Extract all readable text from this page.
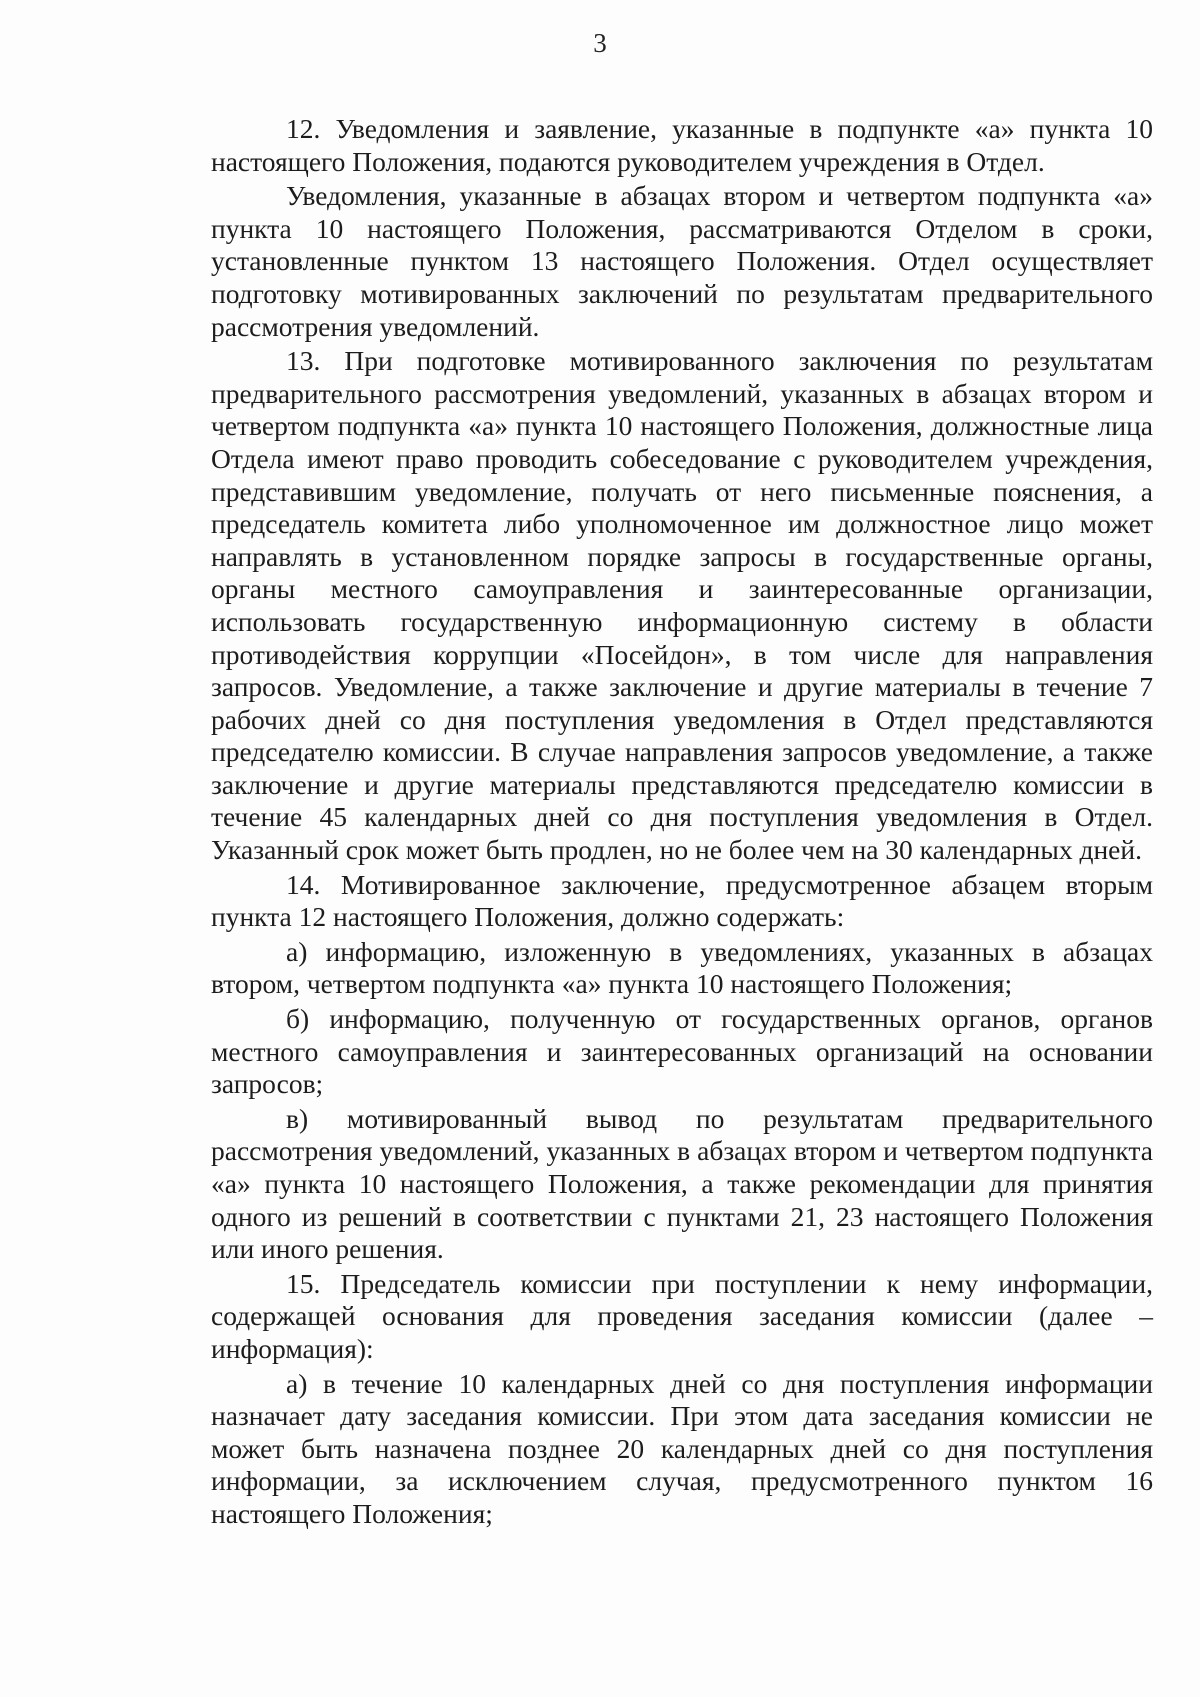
3

12. Уведомления и заявление, указанные в подпункте «а» пункта 10 настоящего Положения, подаются руководителем учреждения в Отдел.

Уведомления, указанные в абзацах втором и четвертом подпункта «а» пункта 10 настоящего Положения, рассматриваются Отделом в сроки, установленные пунктом 13 настоящего Положения. Отдел осуществляет подготовку мотивированных заключений по результатам предварительного рассмотрения уведомлений.

13. При подготовке мотивированного заключения по результатам предварительного рассмотрения уведомлений, указанных в абзацах втором и четвертом подпункта «а» пункта 10 настоящего Положения, должностные лица Отдела имеют право проводить собеседование с руководителем учреждения, представившим уведомление, получать от него письменные пояснения, а председатель комитета либо уполномоченное им должностное лицо может направлять в установленном порядке запросы в государственные органы, органы местного самоуправления и заинтересованные организации, использовать государственную информационную систему в области противодействия коррупции «Посейдон», в том числе для направления запросов. Уведомление, а также заключение и другие материалы в течение 7 рабочих дней со дня поступления уведомления в Отдел представляются председателю комиссии. В случае направления запросов уведомление, а также заключение и другие материалы представляются председателю комиссии в течение 45 календарных дней со дня поступления уведомления в Отдел. Указанный срок может быть продлен, но не более чем на 30 календарных дней.

14. Мотивированное заключение, предусмотренное абзацем вторым пункта 12 настоящего Положения, должно содержать:

а) информацию, изложенную в уведомлениях, указанных в абзацах втором, четвертом подпункта «а» пункта 10 настоящего Положения;

б) информацию, полученную от государственных органов, органов местного самоуправления и заинтересованных организаций на основании запросов;

в) мотивированный вывод по результатам предварительного рассмотрения уведомлений, указанных в абзацах втором и четвертом подпункта «а» пункта 10 настоящего Положения, а также рекомендации для принятия одного из решений в соответствии с пунктами 21, 23 настоящего Положения или иного решения.

15. Председатель комиссии при поступлении к нему информации, содержащей основания для проведения заседания комиссии (далее – информация):

а) в течение 10 календарных дней со дня поступления информации назначает дату заседания комиссии. При этом дата заседания комиссии не может быть назначена позднее 20 календарных дней со дня поступления информации, за исключением случая, предусмотренного пунктом 16 настоящего Положения;
